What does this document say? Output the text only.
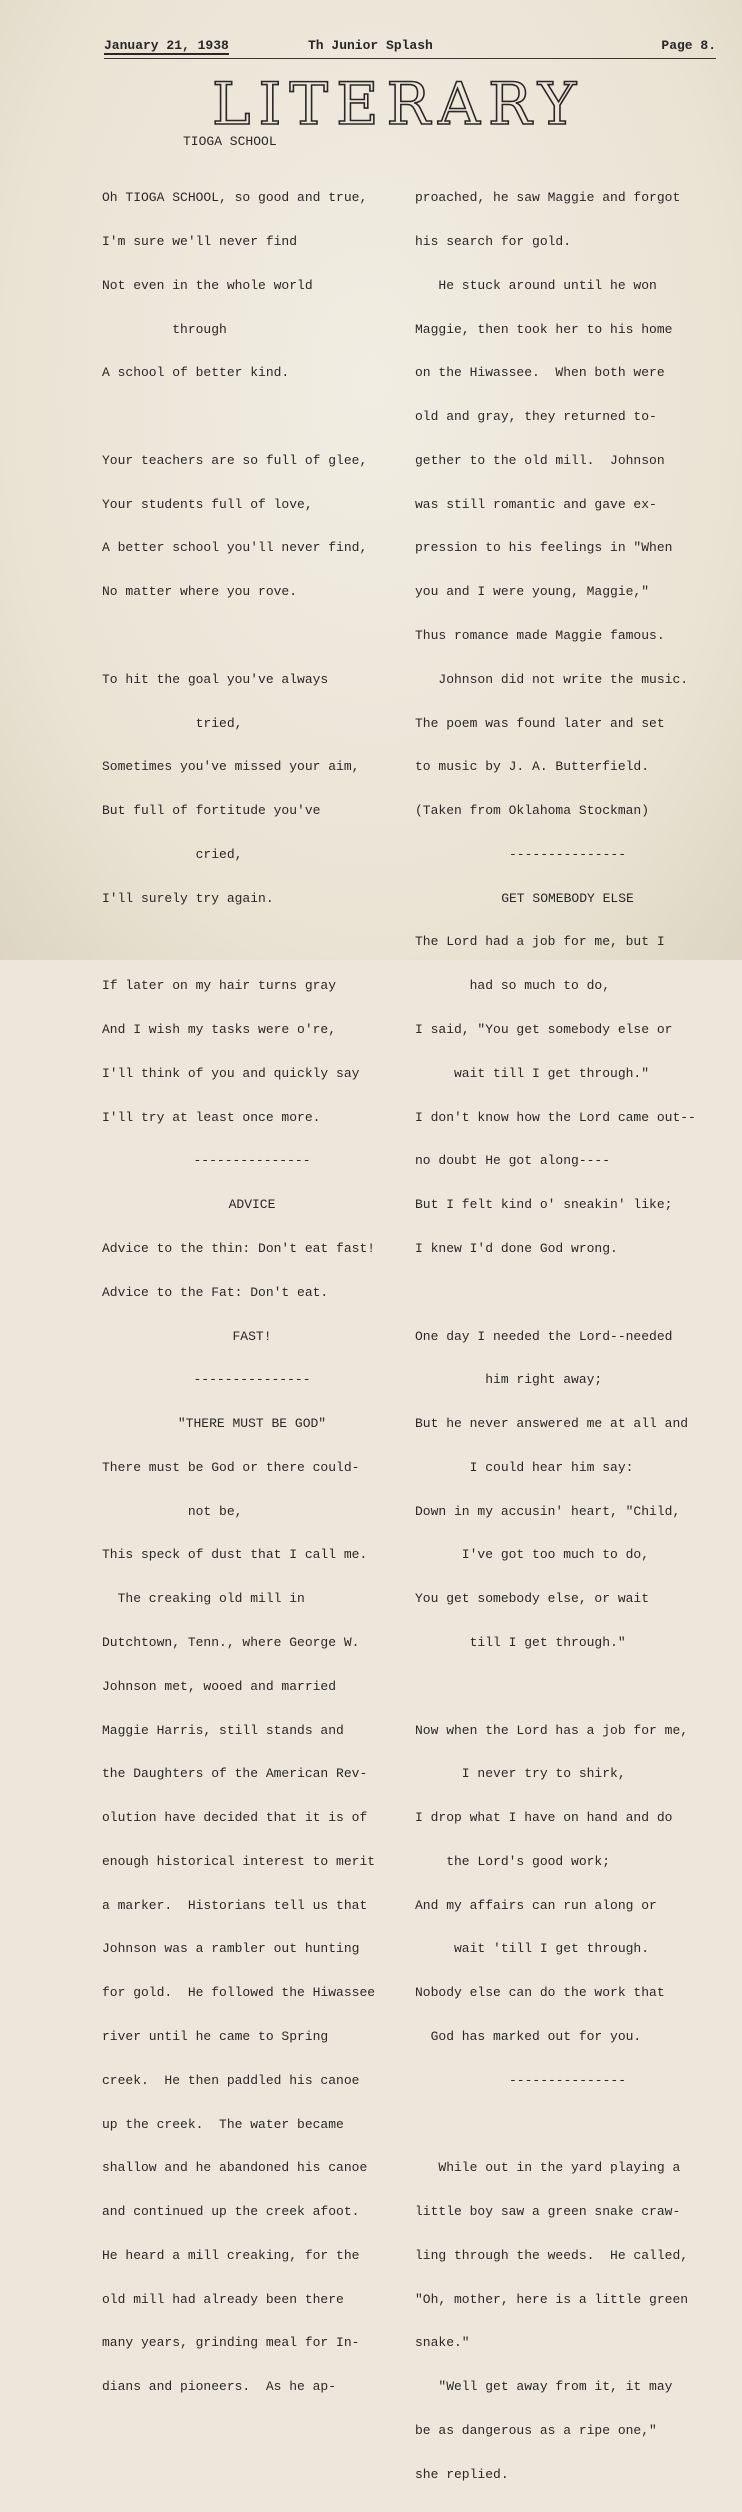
January 21, 1938	Th Junior Splash	Page 8.
LITERARY
TIOGA SCHOOL

Oh TIOGA SCHOOL, so good and true,

I'm sure we'll never find

Not even in the whole world

through

A school of better kind.

Your teachers are so full of glee,

Your students full of love,

A better school you'll never find,

No matter where you rove.

To hit the goal you've always

tried,

Sometimes you've missed your aim,

But full of fortitude you've

cried,

I'll surely try again.

If later on my hair turns gray

And I wish my tasks were o're,

I'll think of you and quickly say

I'll try at least once more.

---------------

ADVICE

Advice to the thin: Don't eat fast!

Advice to the Fat: Don't eat.

FAST!

---------------

"THERE MUST BE GOD"

There must be God or there could-

not be,

This speck of dust that I call me.

The creaking old mill in

Dutchtown, Tenn., where George W.

Johnson met, wooed and married

Maggie Harris, still stands and

the Daughters of the American Rev-

olution have decided that it is of

enough historical interest to merit

a marker.  Historians tell us that

Johnson was a rambler out hunting

for gold.  He followed the Hiwassee

river until he came to Spring

creek.  He then paddled his canoe

up the creek.  The water became

shallow and he abandoned his canoe

and continued up the creek afoot.

He heard a mill creaking, for the

old mill had already been there

many years, grinding meal for In-

dians and pioneers.  As he ap-

proached, he saw Maggie and forgot

his search for gold.

He stuck around until he won

Maggie, then took her to his home

on the Hiwassee.  When both were

old and gray, they returned to-

gether to the old mill.  Johnson

was still romantic and gave ex-

pression to his feelings in "When

you and I were young, Maggie,"

Thus romance made Maggie famous.

Johnson did not write the music.

The poem was found later and set

to music by J. A. Butterfield.

(Taken from Oklahoma Stockman)

---------------

GET SOMEBODY ELSE

The Lord had a job for me, but I

had so much to do,

I said, "You get somebody else or

wait till I get through."

I don't know how the Lord came out--

no doubt He got along----

But I felt kind o' sneakin' like;

I knew I'd done God wrong.

One day I needed the Lord--needed

him right away;

But he never answered me at all and

I could hear him say:

Down in my accusin' heart, "Child,

I've got too much to do,

You get somebody else, or wait

till I get through."

Now when the Lord has a job for me,

I never try to shirk,

I drop what I have on hand and do

the Lord's good work;

And my affairs can run along or

wait 'till I get through.

Nobody else can do the work that

God has marked out for you.

---------------

While out in the yard playing a

little boy saw a green snake craw-

ling through the weeds.  He called,

"Oh, mother, here is a little green

snake."

"Well get away from it, it may

be as dangerous as a ripe one,"

she replied.
